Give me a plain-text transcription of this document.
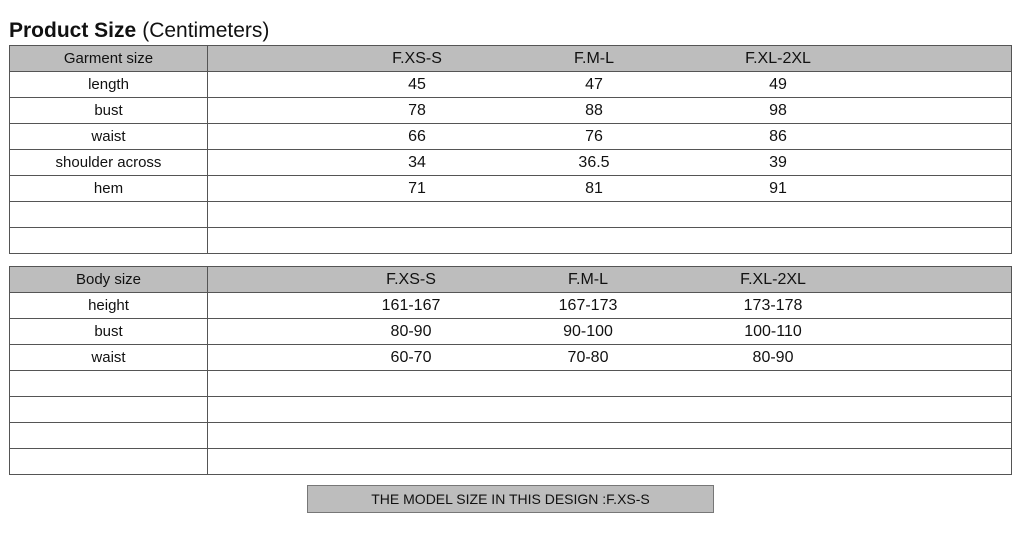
Product Size (Centimeters)
Garment size	F.XS-S	F.M-L	F.XL-2XL
length	45	47	49
bust	78	88	98
waist	66	76	86
shoulder across	34	36.5	39
hem	71	81	91
Body size	F.XS-S	F.M-L	F.XL-2XL
height	161-167	167-173	173-178
bust	80-90	90-100	100-110
waist	60-70	70-80	80-90
THE MODEL SIZE IN THIS DESIGN :F.XS-S
